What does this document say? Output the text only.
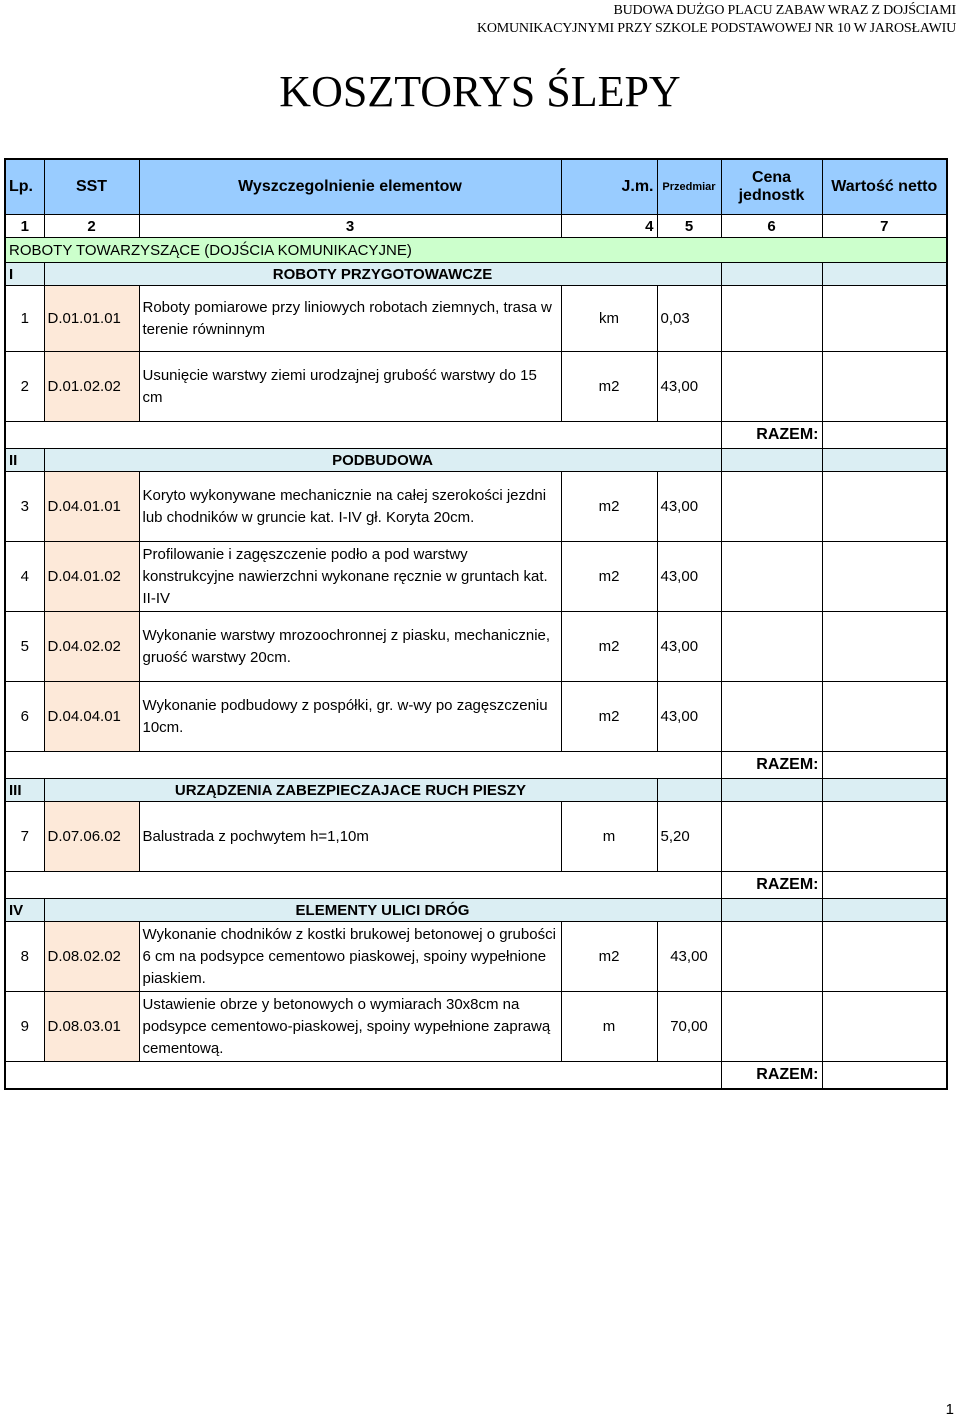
BUDOWA DUŻGO PLACU ZABAW WRAZ Z DOJŚCIAMI
KOMUNIKACYJNYMI PRZY SZKOLE PODSTAWOWEJ NR 10 W JAROSŁAWIU
KOSZTORYS ŚLEPY
Lp.	SST	Wyszczegolnienie elementow	J.m.	Przedmiar	Cena jednostk	Wartość netto
1	2	3	4	5	6	7
ROBOTY TOWARZYSZĄCE (DOJŚCIA KOMUNIKACYJNE)						
I	ROBOTY PRZYGOTOWAWCZE					
1	D.01.01.01	Roboty pomiarowe przy liniowych robotach ziemnych, trasa w terenie równinnym	km	0,03		
2	D.01.02.02	Usunięcie warstwy ziemi urodzajnej grubość warstwy do 15 cm	m2	43,00		
					RAZEM:	
II	PODBUDOWA					
3	D.04.01.01	Koryto wykonywane mechanicznie na całej szerokości jezdni lub chodników w gruncie kat. I-IV gł. Koryta 20cm.	m2	43,00		
4	D.04.01.02	Profilowanie i zagęszczenie podło a pod warstwy konstrukcyjne nawierzchni wykonane ręcznie w gruntach kat. II-IV	m2	43,00		
5	D.04.02.02	Wykonanie warstwy mrozoochronnej z piasku, mechanicznie, gruość warstwy 20cm.	m2	43,00		
6	D.04.04.01	Wykonanie podbudowy z pospółki, gr. w-wy po zagęszczeniu 10cm.	m2	43,00		
					RAZEM:	
III	URZĄDZENIA ZABEZPIECZAJACE RUCH PIESZY					
7	D.07.06.02	Balustrada z pochwytem h=1,10m	m	5,20		
					RAZEM:	
IV	ELEMENTY ULICI DRÓG					
8	D.08.02.02	Wykonanie chodników z kostki brukowej betonowej o grubości 6 cm na podsypce cementowo piaskowej, spoiny wypełnione piaskiem.	m2	43,00		
9	D.08.03.01	Ustawienie obrze y betonowych o wymiarach 30x8cm na podsypce cementowo-piaskowej, spoiny wypełnione zaprawą cementową.	m	70,00		
					RAZEM:	
1
